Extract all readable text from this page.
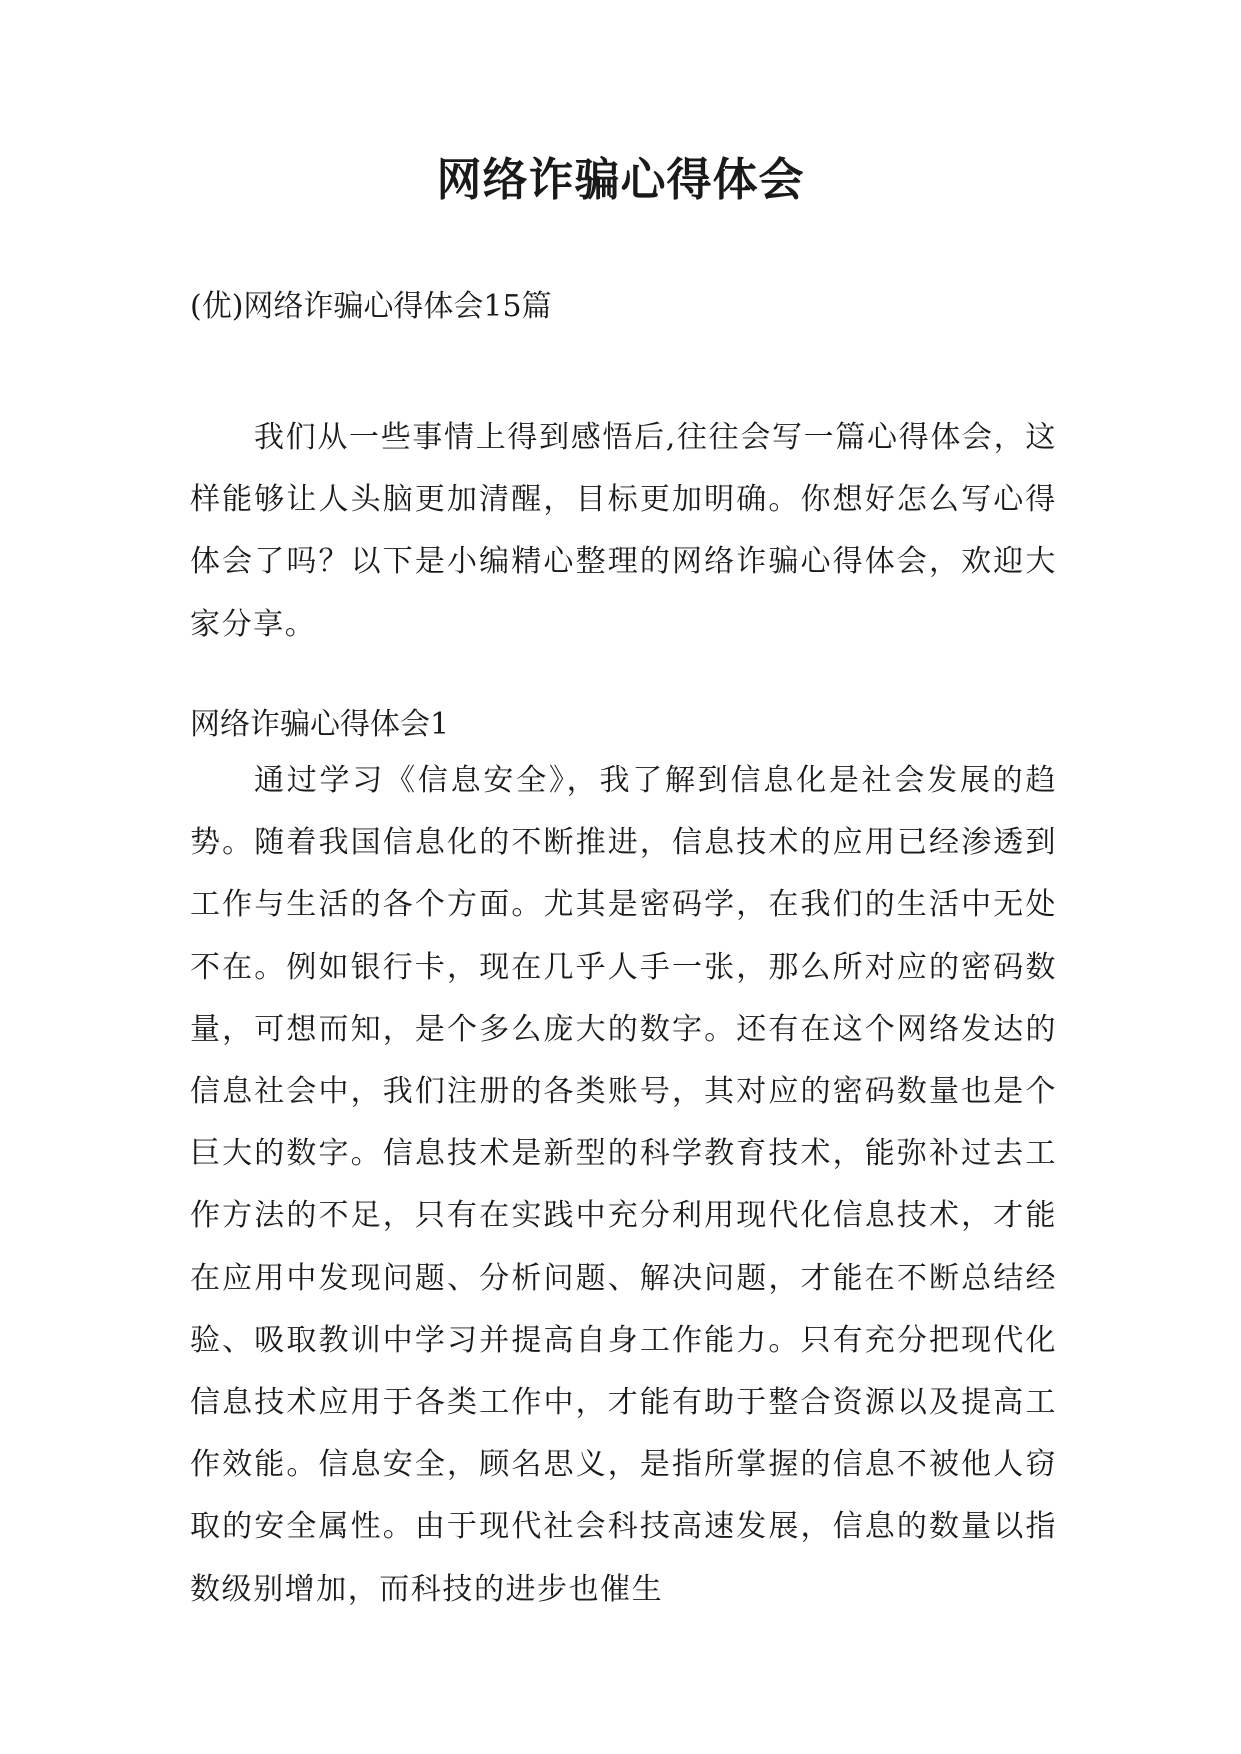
网络诈骗心得体会

(优)网络诈骗心得体会15篇

我们从一些事情上得到感悟后,往往会写一篇心得体会，这样能够让人头脑更加清醒，目标更加明确。你想好怎么写心得体会了吗？以下是小编精心整理的网络诈骗心得体会，欢迎大家分享。

网络诈骗心得体会1

通过学习《信息安全》，我了解到信息化是社会发展的趋势。随着我国信息化的不断推进，信息技术的应用已经渗透到工作与生活的各个方面。尤其是密码学，在我们的生活中无处不在。例如银行卡，现在几乎人手一张，那么所对应的密码数量，可想而知，是个多么庞大的数字。还有在这个网络发达的信息社会中，我们注册的各类账号，其对应的密码数量也是个巨大的数字。信息技术是新型的科学教育技术，能弥补过去工作方法的不足，只有在实践中充分利用现代化信息技术，才能在应用中发现问题、分析问题、解决问题，才能在不断总结经验、吸取教训中学习并提高自身工作能力。只有充分把现代化信息技术应用于各类工作中，才能有助于整合资源以及提高工作效能。信息安全，顾名思义，是指所掌握的信息不被他人窃取的安全属性。由于现代社会科技高速发展，信息的数量以指数级别增加，而科技的进步也催生
